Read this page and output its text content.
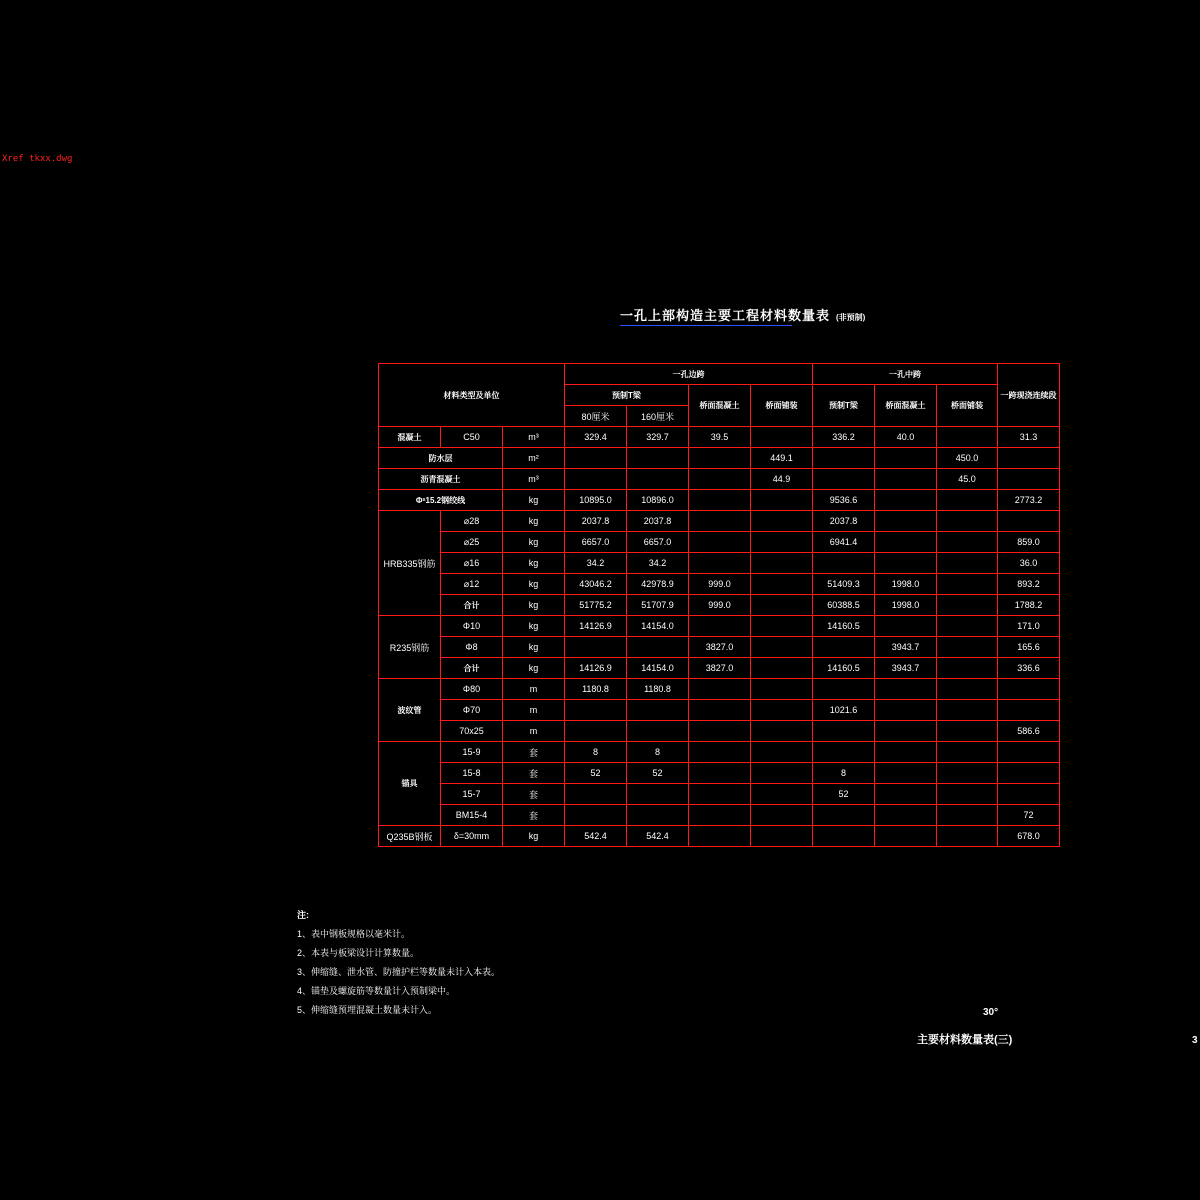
Xref tkxx.dwg
一孔上部构造主要工程材料数量表 (非预制)
材料类型及单位			一孔边跨				一孔中跨			一跨现浇连续段
			预制T梁		桥面混凝土	桥面铺装	预制T梁	桥面混凝土	桥面铺装	
			80厘米	160厘米						
混凝土	C50	m³	329.4	329.7	39.5		336.2	40.0		31.3
防水层		m²				449.1			450.0	
沥青混凝土		m³				44.9			45.0	
Φˢ15.2钢绞线		kg	10895.0	10896.0			9536.6			2773.2
HRB335钢筋	⌀28	kg	2037.8	2037.8			2037.8			
	⌀25	kg	6657.0	6657.0			6941.4			859.0
	⌀16	kg	34.2	34.2						36.0
	⌀12	kg	43046.2	42978.9	999.0		51409.3	1998.0		893.2
	合计	kg	51775.2	51707.9	999.0		60388.5	1998.0		1788.2
R235钢筋	Φ10	kg	14126.9	14154.0			14160.5			171.0
	Φ8	kg			3827.0			3943.7		165.6
	合计	kg	14126.9	14154.0	3827.0		14160.5	3943.7		336.6
波纹管	Φ80	m	1180.8	1180.8						
	Φ70	m					1021.6			
	70x25	m								586.6
锚具	15-9	套	8	8						
	15-8	套	52	52			8			
	15-7	套					52			
	BM15-4	套								72
Q235B钢板	δ=30mm	kg	542.4	542.4						678.0
注:
1、表中钢板规格以毫米计。
2、本表与板梁设计计算数量。
3、伸缩缝、泄水管、防撞护栏等数量未计入本表。
4、锚垫及螺旋筋等数量计入预制梁中。
5、伸缩缝预埋混凝土数量未计入。	30°
主要材料数量表(三)	3
